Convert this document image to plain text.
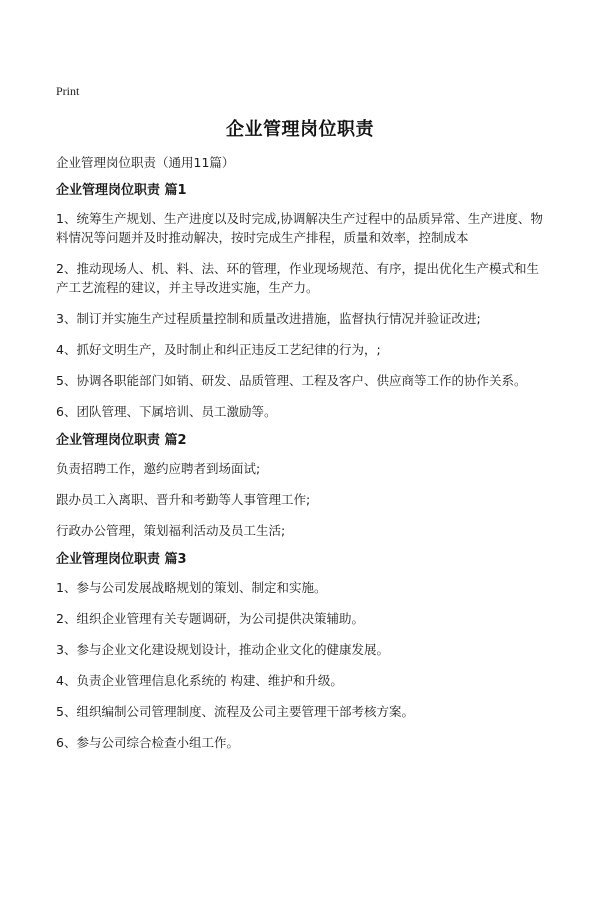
Print
企业管理岗位职责
企业管理岗位职责（通用11篇）
企业管理岗位职责 篇1
1、统筹生产规划、生产进度以及时完成,协调解决生产过程中的品质异常、生产进度、物料情况等问题并及时推动解决，按时完成生产排程，质量和效率，控制成本
2、推动现场人、机、料、法、环的管理，作业现场规范、有序，提出优化生产模式和生产工艺流程的建议，并主导改进实施，生产力。
3、制订并实施生产过程质量控制和质量改进措施，监督执行情况并验证改进;
4、抓好文明生产，及时制止和纠正违反工艺纪律的行为，;
5、协调各职能部门如销、研发、品质管理、工程及客户、供应商等工作的协作关系。
6、团队管理、下属培训、员工激励等。
企业管理岗位职责 篇2
负责招聘工作，邀约应聘者到场面试;
跟办员工入离职、晋升和考勤等人事管理工作;
行政办公管理，策划福利活动及员工生活;
企业管理岗位职责 篇3
1、参与公司发展战略规划的策划、制定和实施。
2、组织企业管理有关专题调研，为公司提供决策辅助。
3、参与企业文化建设规划设计，推动企业文化的健康发展。
4、负责企业管理信息化系统的 构建、维护和升级。
5、组织编制公司管理制度、流程及公司主要管理干部考核方案。
6、参与公司综合检查小组工作。
